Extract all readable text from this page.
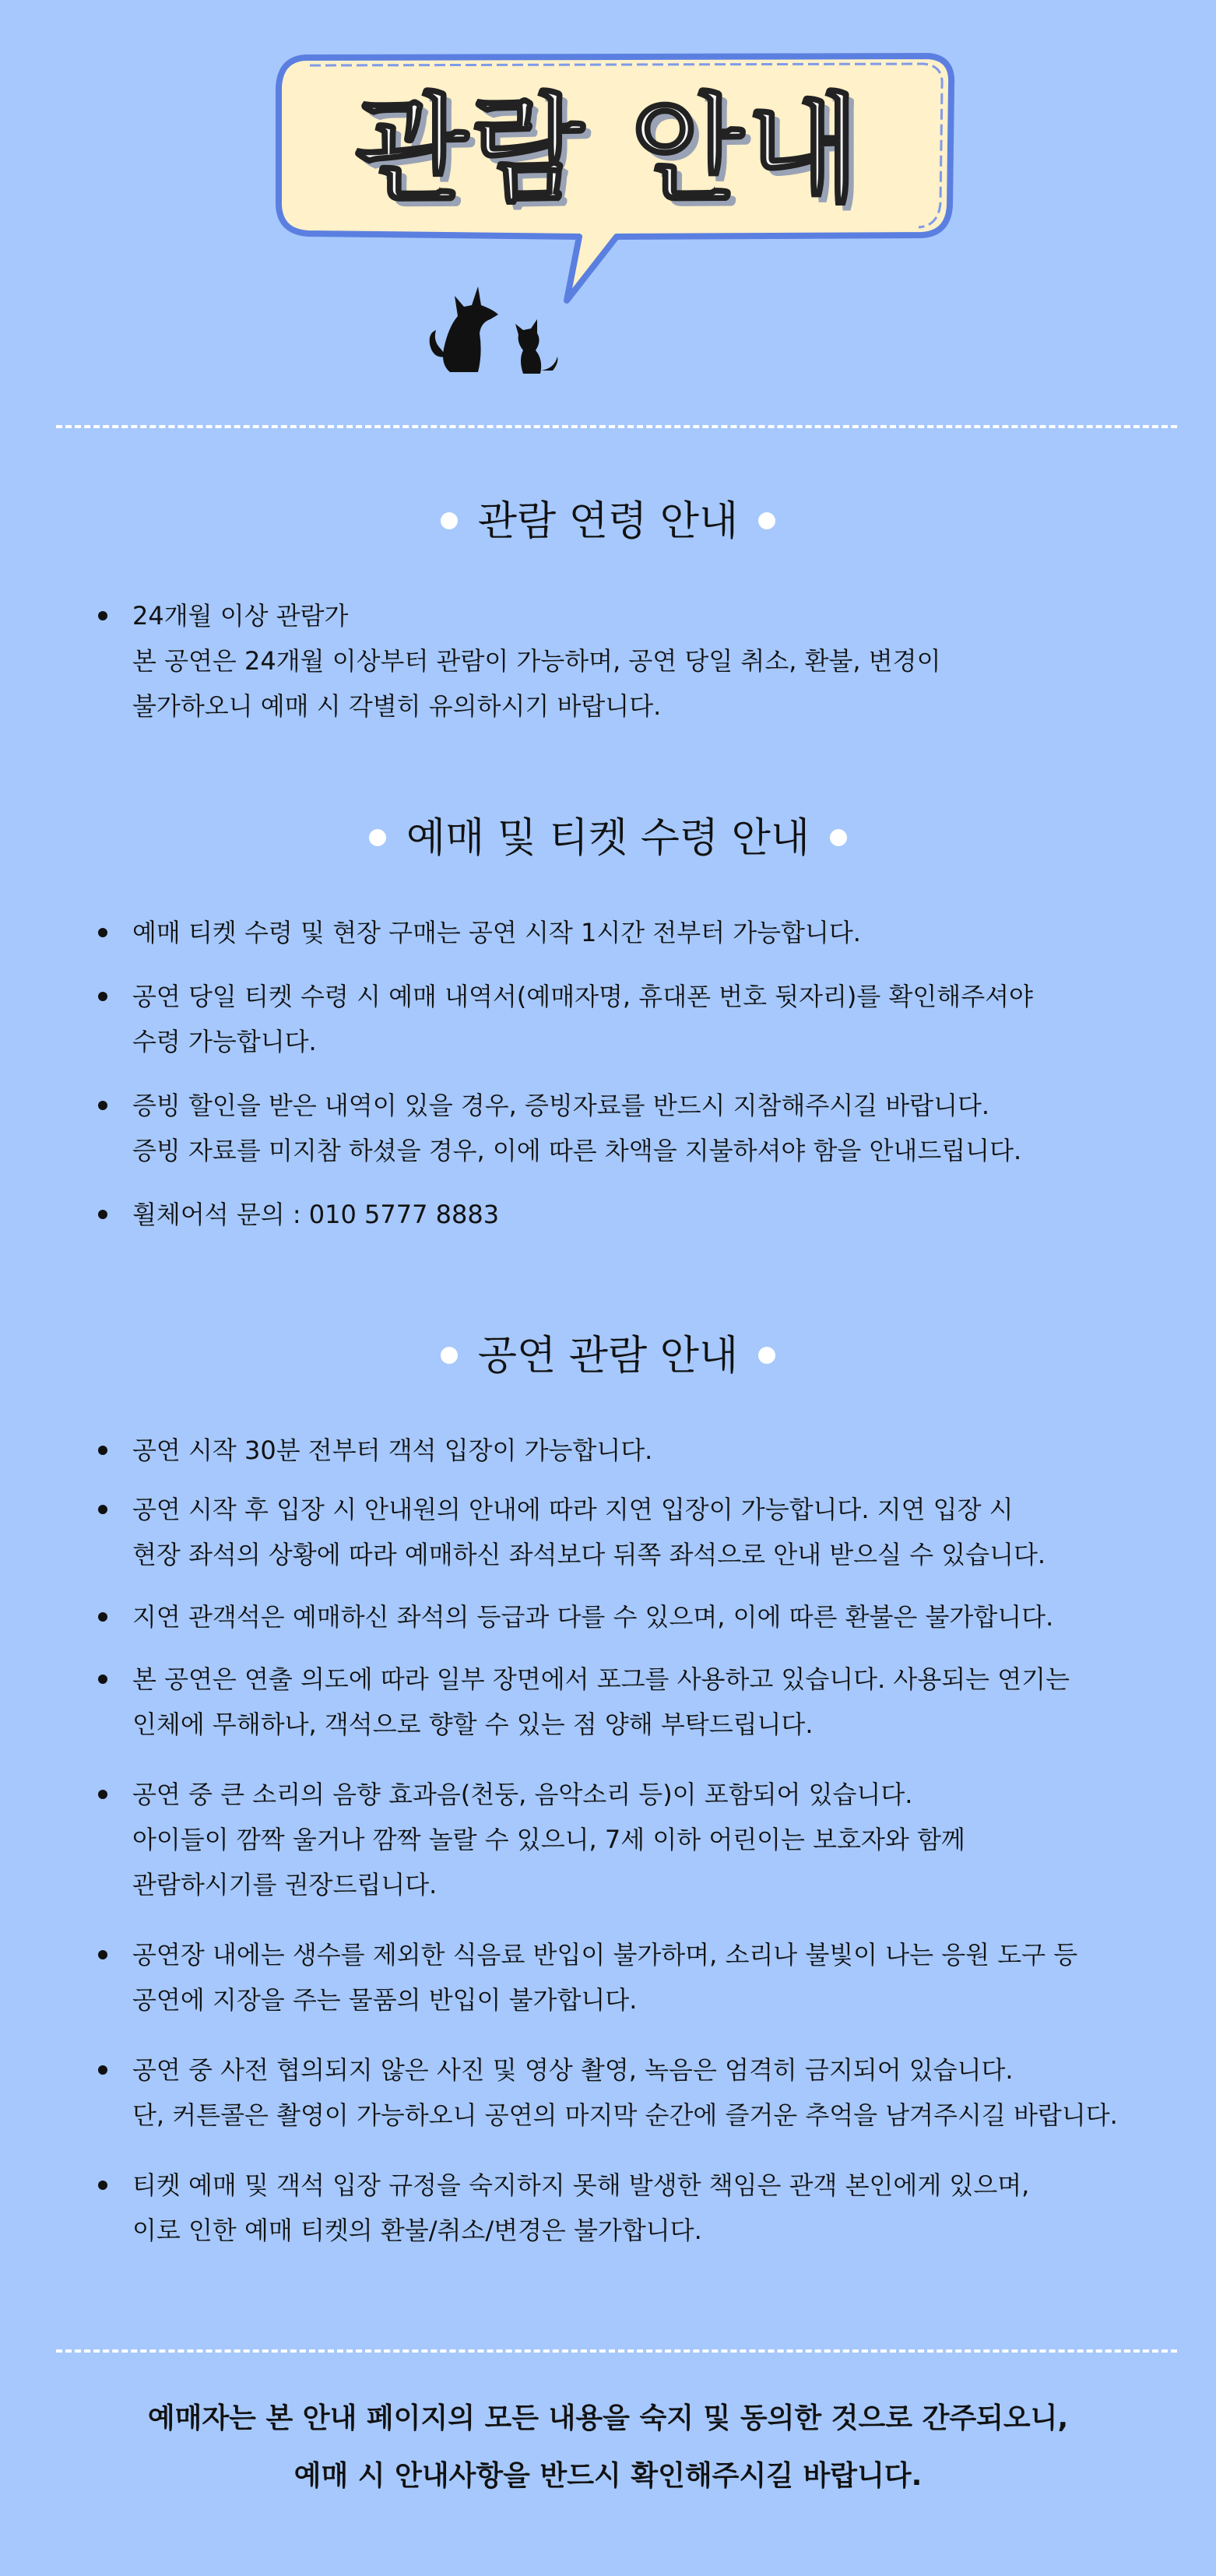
관람 안내
관람 연령 안내
24개월 이상 관람가
본 공연은 24개월 이상부터 관람이 가능하며, 공연 당일 취소, 환불, 변경이
불가하오니 예매 시 각별히 유의하시기 바랍니다.
예매 및 티켓 수령 안내
예매 티켓 수령 및 현장 구매는 공연 시작 1시간 전부터 가능합니다.
공연 당일 티켓 수령 시 예매 내역서(예매자명, 휴대폰 번호 뒷자리)를 확인해주셔야
수령 가능합니다.
증빙 할인을 받은 내역이 있을 경우, 증빙자료를 반드시 지참해주시길 바랍니다.
증빙 자료를 미지참 하셨을 경우, 이에 따른 차액을 지불하셔야 함을 안내드립니다.
휠체어석 문의 : 010 5777 8883
공연 관람 안내
공연 시작 30분 전부터 객석 입장이 가능합니다.
공연 시작 후 입장 시 안내원의 안내에 따라 지연 입장이 가능합니다. 지연 입장 시
현장 좌석의 상황에 따라 예매하신 좌석보다 뒤쪽 좌석으로 안내 받으실 수 있습니다.
지연 관객석은 예매하신 좌석의 등급과 다를 수 있으며, 이에 따른 환불은 불가합니다.
본 공연은 연출 의도에 따라 일부 장면에서 포그를 사용하고 있습니다. 사용되는 연기는
인체에 무해하나, 객석으로 향할 수 있는 점 양해 부탁드립니다.
공연 중 큰 소리의 음향 효과음(천둥, 음악소리 등)이 포함되어 있습니다.
아이들이 깜짝 울거나 깜짝 놀랄 수 있으니, 7세 이하 어린이는 보호자와 함께
관람하시기를 권장드립니다.
공연장 내에는 생수를 제외한 식음료 반입이 불가하며, 소리나 불빛이 나는 응원 도구 등
공연에 지장을 주는 물품의 반입이 불가합니다.
공연 중 사전 협의되지 않은 사진 및 영상 촬영, 녹음은 엄격히 금지되어 있습니다.
단, 커튼콜은 촬영이 가능하오니 공연의 마지막 순간에 즐거운 추억을 남겨주시길 바랍니다.
티켓 예매 및 객석 입장 규정을 숙지하지 못해 발생한 책임은 관객 본인에게 있으며,
이로 인한 예매 티켓의 환불/취소/변경은 불가합니다.
예매자는 본 안내 페이지의 모든 내용을 숙지 및 동의한 것으로 간주되오니,
예매 시 안내사항을 반드시 확인해주시길 바랍니다.
